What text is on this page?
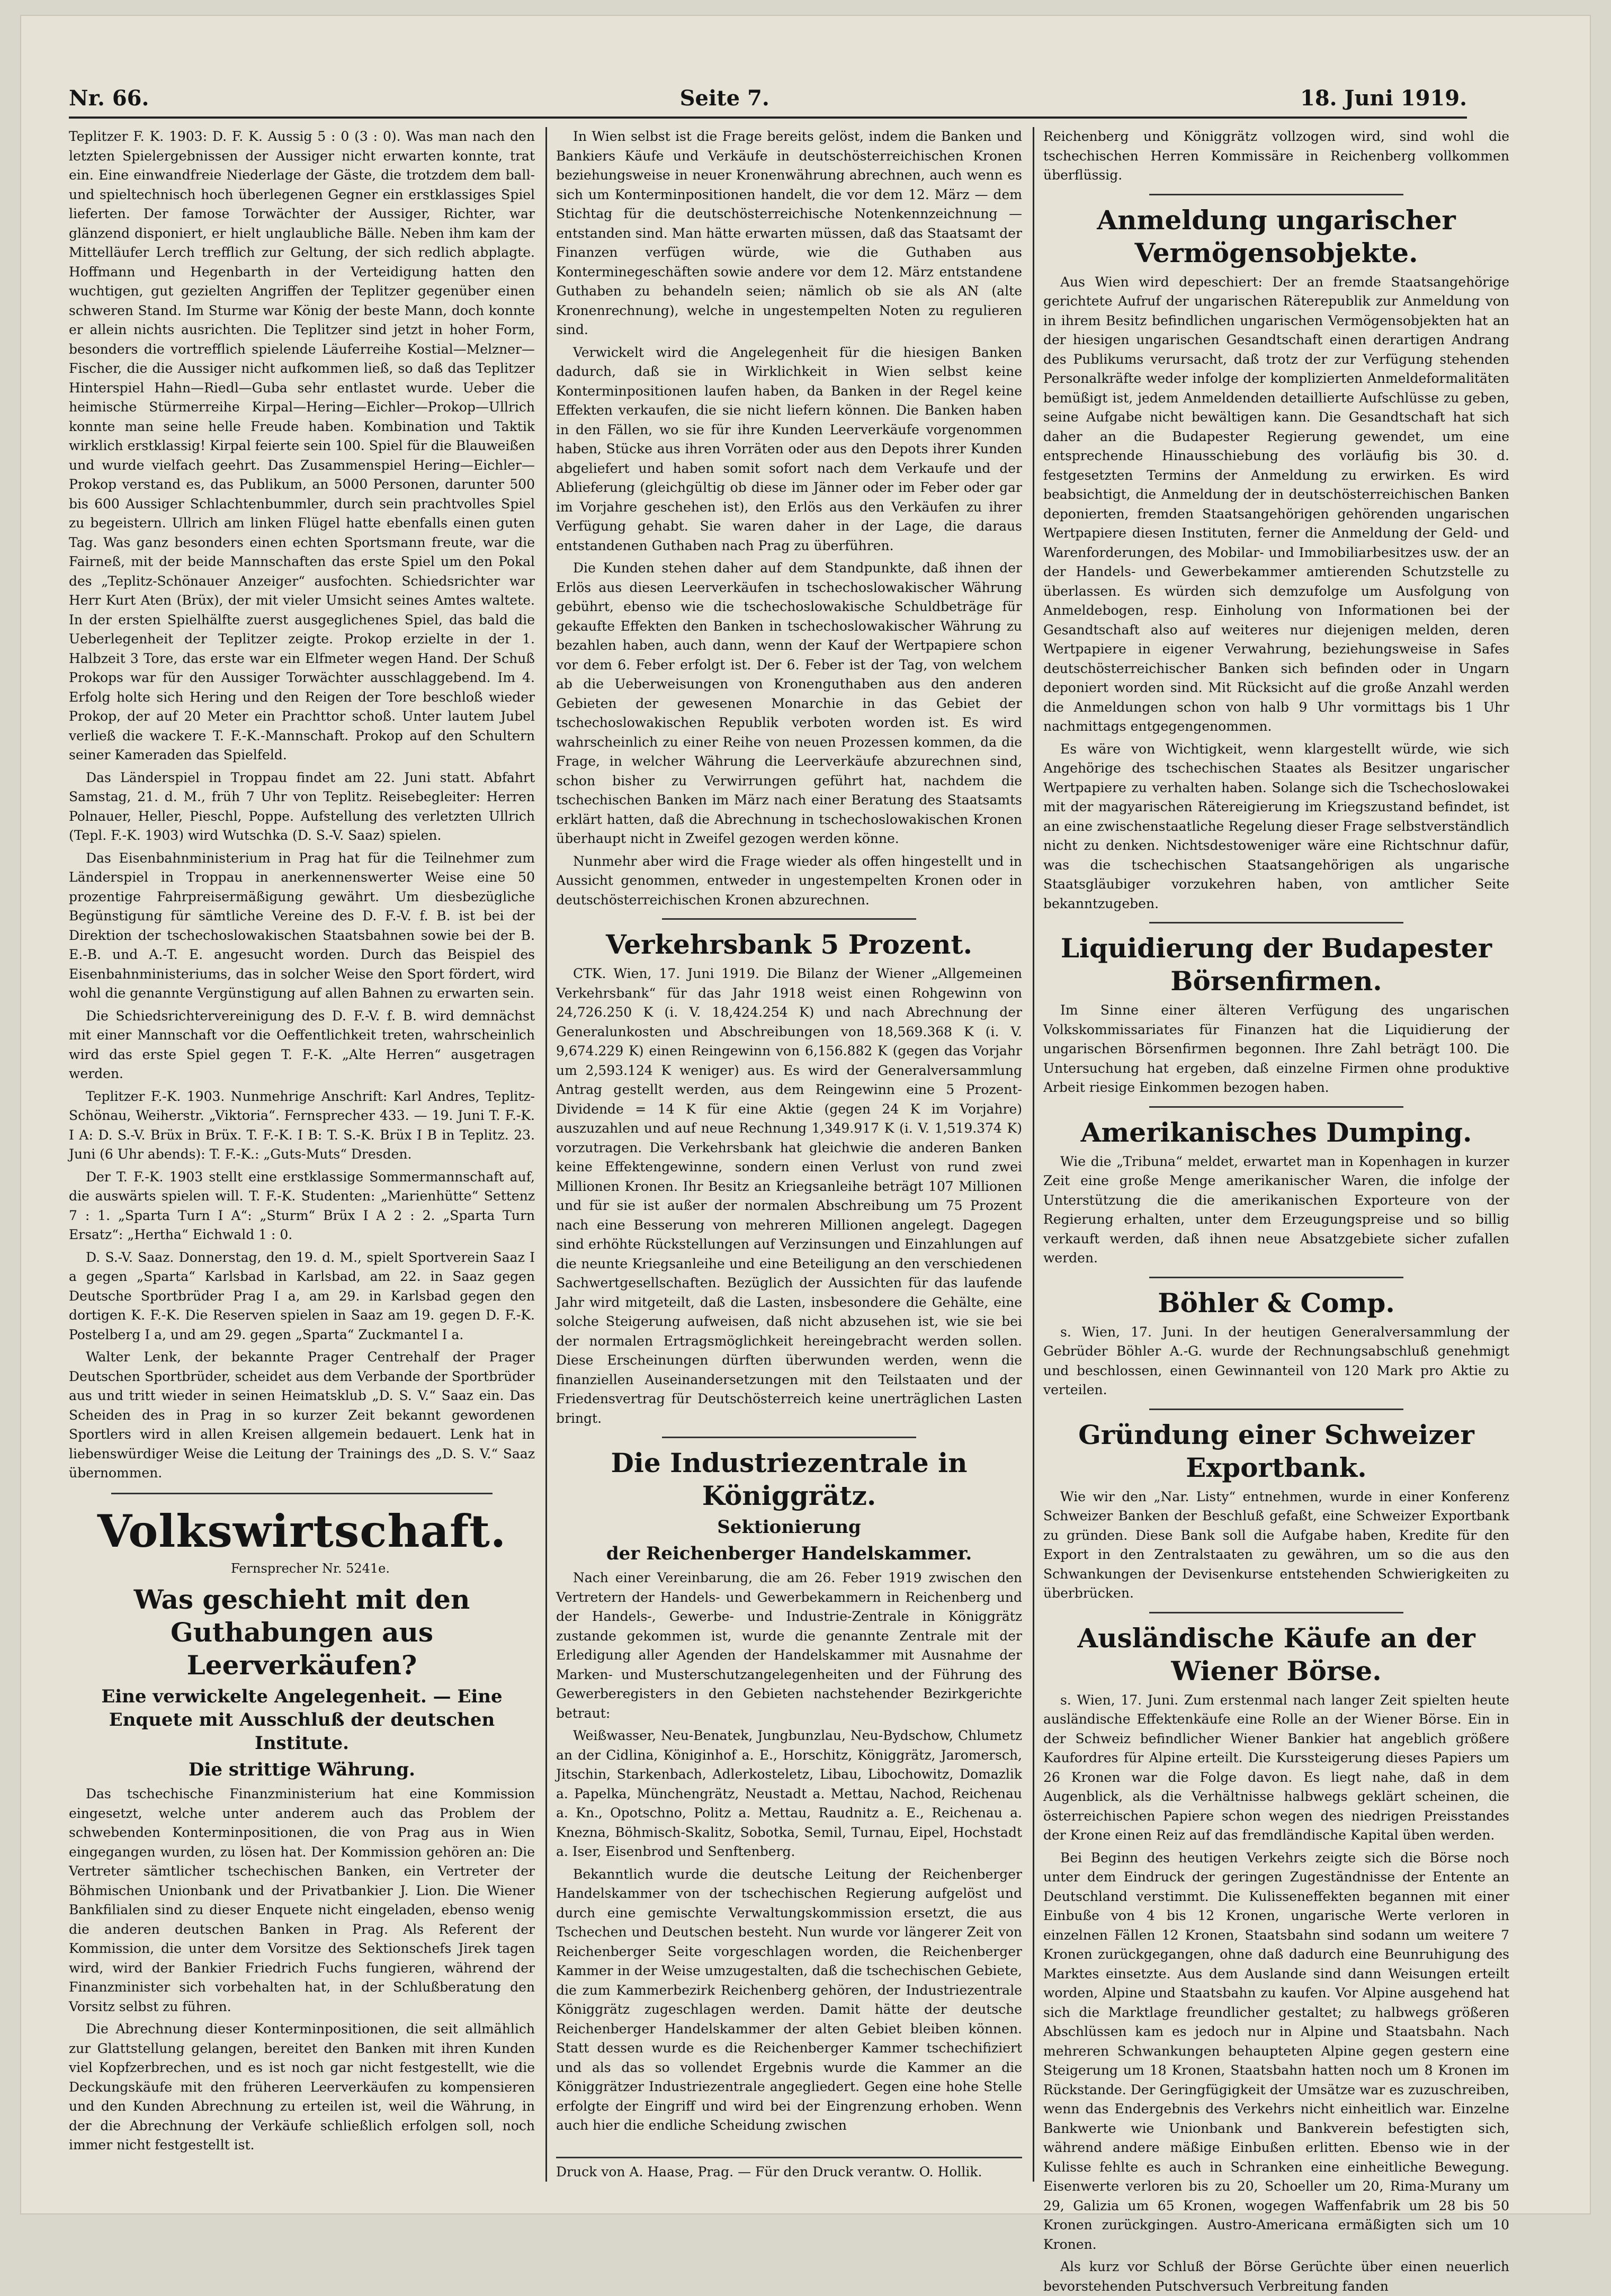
Nr. 66.	Seite 7.	18. Juni 1919.

Teplitzer F. K. 1903: D. F. K. Aussig 5 : 0 (3 : 0). Was man nach den letzten Spielergebnissen der Aussiger nicht erwarten konnte, trat ein. Eine einwandfreie Niederlage der Gäste, die trotzdem dem ball- und spieltechnisch hoch überlegenen Gegner ein erstklassiges Spiel lieferten. Der famose Torwächter der Aussiger, Richter, war glänzend disponiert, er hielt unglaubliche Bälle. Neben ihm kam der Mittelläufer Lerch trefflich zur Geltung, der sich redlich abplagte. Hoffmann und Hegenbarth in der Verteidigung hatten den wuchtigen, gut gezielten Angriffen der Teplitzer gegenüber einen schweren Stand. Im Sturme war König der beste Mann, doch konnte er allein nichts ausrichten. Die Teplitzer sind jetzt in hoher Form, besonders die vortrefflich spielende Läuferreihe Kostial—Melzner—Fischer, die die Aussiger nicht aufkommen ließ, so daß das Teplitzer Hinterspiel Hahn—Riedl—Guba sehr entlastet wurde. Ueber die heimische Stürmerreihe Kirpal—Hering—Eichler—Prokop—Ullrich konnte man seine helle Freude haben. Kombination und Taktik wirklich erstklassig! Kirpal feierte sein 100. Spiel für die Blauweißen und wurde vielfach geehrt. Das Zusammenspiel Hering—Eichler—Prokop verstand es, das Publikum, an 5000 Personen, darunter 500 bis 600 Aussiger Schlachtenbummler, durch sein prachtvolles Spiel zu begeistern. Ullrich am linken Flügel hatte ebenfalls einen guten Tag. Was ganz besonders einen echten Sportsmann freute, war die Fairneß, mit der beide Mannschaften das erste Spiel um den Pokal des „Teplitz-Schönauer Anzeiger“ ausfochten. Schiedsrichter war Herr Kurt Aten (Brüx), der mit vieler Umsicht seines Amtes waltete. In der ersten Spielhälfte zuerst ausgeglichenes Spiel, das bald die Ueberlegenheit der Teplitzer zeigte. Prokop erzielte in der 1. Halbzeit 3 Tore, das erste war ein Elfmeter wegen Hand. Der Schuß Prokops war für den Aussiger Torwächter ausschlaggebend. Im 4. Erfolg holte sich Hering und den Reigen der Tore beschloß wieder Prokop, der auf 20 Meter ein Prachttor schoß. Unter lautem Jubel verließ die wackere T. F.-K.-Mannschaft. Prokop auf den Schultern seiner Kameraden das Spielfeld.

Das Länderspiel in Troppau findet am 22. Juni statt. Abfahrt Samstag, 21. d. M., früh 7 Uhr von Teplitz. Reisebegleiter: Herren Polnauer, Heller, Pieschl, Poppe. Aufstellung des verletzten Ullrich (Tepl. F.-K. 1903) wird Wutschka (D. S.-V. Saaz) spielen.

Das Eisenbahnministerium in Prag hat für die Teilnehmer zum Länderspiel in Troppau in anerkennenswerter Weise eine 50 prozentige Fahrpreisermäßigung gewährt. Um diesbezügliche Begünstigung für sämtliche Vereine des D. F.-V. f. B. ist bei der Direktion der tschechoslowakischen Staatsbahnen sowie bei der B. E.-B. und A.-T. E. angesucht worden. Durch das Beispiel des Eisenbahnministeriums, das in solcher Weise den Sport fördert, wird wohl die genannte Vergünstigung auf allen Bahnen zu erwarten sein.

Die Schiedsrichtervereinigung des D. F.-V. f. B. wird demnächst mit einer Mannschaft vor die Oeffentlichkeit treten, wahrscheinlich wird das erste Spiel gegen T. F.-K. „Alte Herren“ ausgetragen werden.

Teplitzer F.-K. 1903. Nunmehrige Anschrift: Karl Andres, Teplitz-Schönau, Weiherstr. „Viktoria“. Fernsprecher 433. — 19. Juni T. F.-K. I A: D. S.-V. Brüx in Brüx. T. F.-K. I B: T. S.-K. Brüx I B in Teplitz. 23. Juni (6 Uhr abends): T. F.-K.: „Guts-Muts“ Dresden.

Der T. F.-K. 1903 stellt eine erstklassige Sommermannschaft auf, die auswärts spielen will. T. F.-K. Studenten: „Marienhütte“ Settenz 7 : 1. „Sparta Turn I A“: „Sturm“ Brüx I A 2 : 2. „Sparta Turn Ersatz“: „Hertha“ Eichwald 1 : 0.

D. S.-V. Saaz. Donnerstag, den 19. d. M., spielt Sportverein Saaz I a gegen „Sparta“ Karlsbad in Karlsbad, am 22. in Saaz gegen Deutsche Sportbrüder Prag I a, am 29. in Karlsbad gegen den dortigen K. F.-K. Die Reserven spielen in Saaz am 19. gegen D. F.-K. Postelberg I a, und am 29. gegen „Sparta“ Zuckmantel I a.

Walter Lenk, der bekannte Prager Centrehalf der Prager Deutschen Sportbrüder, scheidet aus dem Verbande der Sportbrüder aus und tritt wieder in seinen Heimatsklub „D. S. V.“ Saaz ein. Das Scheiden des in Prag in so kurzer Zeit bekannt gewordenen Sportlers wird in allen Kreisen allgemein bedauert. Lenk hat in liebenswürdiger Weise die Leitung der Trainings des „D. S. V.“ Saaz übernommen.

Volkswirtschaft.

Fernsprecher Nr. 5241e.

Was geschieht mit den Guthabungen aus Leerverkäufen?
Eine verwickelte Angelegenheit. — Eine Enquete mit Ausschluß der deutschen Institute.
Die strittige Währung.

Das tschechische Finanzministerium hat eine Kommission eingesetzt, welche unter anderem auch das Problem der schwebenden Konterminpositionen, die von Prag aus in Wien eingegangen wurden, zu lösen hat. Der Kommission gehören an: Die Vertreter sämtlicher tschechischen Banken, ein Vertreter der Böhmischen Unionbank und der Privatbankier J. Lion. Die Wiener Bankfilialen sind zu dieser Enquete nicht eingeladen, ebenso wenig die anderen deutschen Banken in Prag. Als Referent der Kommission, die unter dem Vorsitze des Sektionschefs Jirek tagen wird, wird der Bankier Friedrich Fuchs fungieren, während der Finanzminister sich vorbehalten hat, in der Schlußberatung den Vorsitz selbst zu führen.

Die Abrechnung dieser Konterminpositionen, die seit allmählich zur Glattstellung gelangen, bereitet den Banken mit ihren Kunden viel Kopfzerbrechen, und es ist noch gar nicht festgestellt, wie die Deckungskäufe mit den früheren Leerverkäufen zu kompensieren und den Kunden Abrechnung zu erteilen ist, weil die Währung, in der die Abrechnung der Verkäufe schließlich erfolgen soll, noch immer nicht festgestellt ist.

In Wien selbst ist die Frage bereits gelöst, indem die Banken und Bankiers Käufe und Verkäufe in deutschösterreichischen Kronen beziehungsweise in neuer Kronenwährung abrechnen, auch wenn es sich um Konterminpositionen handelt, die vor dem 12. März — dem Stichtag für die deutschösterreichische Notenkennzeichnung — entstanden sind. Man hätte erwarten müssen, daß das Staatsamt der Finanzen verfügen würde, wie die Guthaben aus Konterminegeschäften sowie andere vor dem 12. März entstandene Guthaben zu behandeln seien; nämlich ob sie als AN (alte Kronenrechnung), welche in ungestempelten Noten zu regulieren sind.

Verwickelt wird die Angelegenheit für die hiesigen Banken dadurch, daß sie in Wirklichkeit in Wien selbst keine Konterminpositionen laufen haben, da Banken in der Regel keine Effekten verkaufen, die sie nicht liefern können. Die Banken haben in den Fällen, wo sie für ihre Kunden Leerverkäufe vorgenommen haben, Stücke aus ihren Vorräten oder aus den Depots ihrer Kunden abgeliefert und haben somit sofort nach dem Verkaufe und der Ablieferung (gleichgültig ob diese im Jänner oder im Feber oder gar im Vorjahre geschehen ist), den Erlös aus den Verkäufen zu ihrer Verfügung gehabt. Sie waren daher in der Lage, die daraus entstandenen Guthaben nach Prag zu überführen.

Die Kunden stehen daher auf dem Standpunkte, daß ihnen der Erlös aus diesen Leerverkäufen in tschechoslowakischer Währung gebührt, ebenso wie die tschechoslowakische Schuldbeträge für gekaufte Effekten den Banken in tschechoslowakischer Währung zu bezahlen haben, auch dann, wenn der Kauf der Wertpapiere schon vor dem 6. Feber erfolgt ist. Der 6. Feber ist der Tag, von welchem ab die Ueberweisungen von Kronenguthaben aus den anderen Gebieten der gewesenen Monarchie in das Gebiet der tschechoslowakischen Republik verboten worden ist. Es wird wahrscheinlich zu einer Reihe von neuen Prozessen kommen, da die Frage, in welcher Währung die Leerverkäufe abzurechnen sind, schon bisher zu Verwirrungen geführt hat, nachdem die tschechischen Banken im März nach einer Beratung des Staatsamts erklärt hatten, daß die Abrechnung in tschechoslowakischen Kronen überhaupt nicht in Zweifel gezogen werden könne.

Nunmehr aber wird die Frage wieder als offen hingestellt und in Aussicht genommen, entweder in ungestempelten Kronen oder in deutschösterreichischen Kronen abzurechnen.

Verkehrsbank 5 Prozent.

CTK. Wien, 17. Juni 1919. Die Bilanz der Wiener „Allgemeinen Verkehrsbank“ für das Jahr 1918 weist einen Rohgewinn von 24,726.250 K (i. V. 18,424.254 K) und nach Abrechnung der Generalunkosten und Abschreibungen von 18,569.368 K (i. V. 9,674.229 K) einen Reingewinn von 6,156.882 K (gegen das Vorjahr um 2,593.124 K weniger) aus. Es wird der Generalversammlung Antrag gestellt werden, aus dem Reingewinn eine 5 Prozent-Dividende = 14 K für eine Aktie (gegen 24 K im Vorjahre) auszuzahlen und auf neue Rechnung 1,349.917 K (i. V. 1,519.374 K) vorzutragen. Die Verkehrsbank hat gleichwie die anderen Banken keine Effektengewinne, sondern einen Verlust von rund zwei Millionen Kronen. Ihr Besitz an Kriegsanleihe beträgt 107 Millionen und für sie ist außer der normalen Abschreibung um 75 Prozent nach eine Besserung von mehreren Millionen angelegt. Dagegen sind erhöhte Rückstellungen auf Verzinsungen und Einzahlungen auf die neunte Kriegsanleihe und eine Beteiligung an den verschiedenen Sachwertgesellschaften. Bezüglich der Aussichten für das laufende Jahr wird mitgeteilt, daß die Lasten, insbesondere die Gehälte, eine solche Steigerung aufweisen, daß nicht abzusehen ist, wie sie bei der normalen Ertragsmöglichkeit hereingebracht werden sollen. Diese Erscheinungen dürften überwunden werden, wenn die finanziellen Auseinandersetzungen mit den Teilstaaten und der Friedensvertrag für Deutschösterreich keine unerträglichen Lasten bringt.

Die Industriezentrale in Königgrätz.
Sektionierung
der Reichenberger Handelskammer.

Nach einer Vereinbarung, die am 26. Feber 1919 zwischen den Vertretern der Handels- und Gewerbekammern in Reichenberg und der Handels-, Gewerbe- und Industrie-Zentrale in Königgrätz zustande gekommen ist, wurde die genannte Zentrale mit der Erledigung aller Agenden der Handelskammer mit Ausnahme der Marken- und Musterschutzangelegenheiten und der Führung des Gewerberegisters in den Gebieten nachstehender Bezirkgerichte betraut:

Weißwasser, Neu-Benatek, Jungbunzlau, Neu-Bydschow, Chlumetz an der Cidlina, Königinhof a. E., Horschitz, Königgrätz, Jaromersch, Jitschin, Starkenbach, Adlerkosteletz, Libau, Libochowitz, Domazlik a. Papelka, Münchengrätz, Neustadt a. Mettau, Nachod, Reichenau a. Kn., Opotschno, Politz a. Mettau, Raudnitz a. E., Reichenau a. Knezna, Böhmisch-Skalitz, Sobotka, Semil, Turnau, Eipel, Hochstadt a. Iser, Eisenbrod und Senftenberg.

Bekanntlich wurde die deutsche Leitung der Reichenberger Handelskammer von der tschechischen Regierung aufgelöst und durch eine gemischte Verwaltungskommission ersetzt, die aus Tschechen und Deutschen besteht. Nun wurde vor längerer Zeit von Reichenberger Seite vorgeschlagen worden, die Reichenberger Kammer in der Weise umzugestalten, daß die tschechischen Gebiete, die zum Kammerbezirk Reichenberg gehören, der Industriezentrale Königgrätz zugeschlagen werden. Damit hätte der deutsche Reichenberger Handelskammer der alten Gebiet bleiben können. Statt dessen wurde es die Reichenberger Kammer tschechifiziert und als das so vollendet Ergebnis wurde die Kammer an die Königgrätzer Industriezentrale angegliedert. Gegen eine hohe Stelle erfolgte der Eingriff und wird bei der Eingrenzung erhoben. Wenn auch hier die endliche Scheidung zwischen

Druck von A. Haase, Prag. — Für den Druck verantw. O. Hollik.

Reichenberg und Königgrätz vollzogen wird, sind wohl die tschechischen Herren Kommissäre in Reichenberg vollkommen überflüssig.

Anmeldung ungarischer Vermögensobjekte.

Aus Wien wird depeschiert: Der an fremde Staatsangehörige gerichtete Aufruf der ungarischen Räterepublik zur Anmeldung von in ihrem Besitz befindlichen ungarischen Vermögensobjekten hat an der hiesigen ungarischen Gesandtschaft einen derartigen Andrang des Publikums verursacht, daß trotz der zur Verfügung stehenden Personalkräfte weder infolge der komplizierten Anmeldeformalitäten bemüßigt ist, jedem Anmeldenden detaillierte Aufschlüsse zu geben, seine Aufgabe nicht bewältigen kann. Die Gesandtschaft hat sich daher an die Budapester Regierung gewendet, um eine entsprechende Hinausschiebung des vorläufig bis 30. d. festgesetzten Termins der Anmeldung zu erwirken. Es wird beabsichtigt, die Anmeldung der in deutschösterreichischen Banken deponierten, fremden Staatsangehörigen gehörenden ungarischen Wertpapiere diesen Instituten, ferner die Anmeldung der Geld- und Warenforderungen, des Mobilar- und Immobiliarbesitzes usw. der an der Handels- und Gewerbekammer amtierenden Schutzstelle zu überlassen. Es würden sich demzufolge um Ausfolgung von Anmeldebogen, resp. Einholung von Informationen bei der Gesandtschaft also auf weiteres nur diejenigen melden, deren Wertpapiere in eigener Verwahrung, beziehungsweise in Safes deutschösterreichischer Banken sich befinden oder in Ungarn deponiert worden sind. Mit Rücksicht auf die große Anzahl werden die Anmeldungen schon von halb 9 Uhr vormittags bis 1 Uhr nachmittags entgegengenommen.

Es wäre von Wichtigkeit, wenn klargestellt würde, wie sich Angehörige des tschechischen Staates als Besitzer ungarischer Wertpapiere zu verhalten haben. Solange sich die Tschechoslowakei mit der magyarischen Rätereigierung im Kriegszustand befindet, ist an eine zwischenstaatliche Regelung dieser Frage selbstverständlich nicht zu denken. Nichtsdestoweniger wäre eine Richtschnur dafür, was die tschechischen Staatsangehörigen als ungarische Staatsgläubiger vorzukehren haben, von amtlicher Seite bekanntzugeben.

Liquidierung der Budapester Börsenfirmen.

Im Sinne einer älteren Verfügung des ungarischen Volkskommissariates für Finanzen hat die Liquidierung der ungarischen Börsenfirmen begonnen. Ihre Zahl beträgt 100. Die Untersuchung hat ergeben, daß einzelne Firmen ohne produktive Arbeit riesige Einkommen bezogen haben.

Amerikanisches Dumping.

Wie die „Tribuna“ meldet, erwartet man in Kopenhagen in kurzer Zeit eine große Menge amerikanischer Waren, die infolge der Unterstützung die die amerikanischen Exporteure von der Regierung erhalten, unter dem Erzeugungspreise und so billig verkauft werden, daß ihnen neue Absatzgebiete sicher zufallen werden.

Böhler & Comp.

s. Wien, 17. Juni. In der heutigen Generalversammlung der Gebrüder Böhler A.-G. wurde der Rechnungsabschluß genehmigt und beschlossen, einen Gewinnanteil von 120 Mark pro Aktie zu verteilen.

Gründung einer Schweizer Exportbank.

Wie wir den „Nar. Listy“ entnehmen, wurde in einer Konferenz Schweizer Banken der Beschluß gefaßt, eine Schweizer Exportbank zu gründen. Diese Bank soll die Aufgabe haben, Kredite für den Export in den Zentralstaaten zu gewähren, um so die aus den Schwankungen der Devisenkurse entstehenden Schwierigkeiten zu überbrücken.

Ausländische Käufe an der Wiener Börse.

s. Wien, 17. Juni. Zum erstenmal nach langer Zeit spielten heute ausländische Effektenkäufe eine Rolle an der Wiener Börse. Ein in der Schweiz befindlicher Wiener Bankier hat angeblich größere Kaufordres für Alpine erteilt. Die Kurssteigerung dieses Papiers um 26 Kronen war die Folge davon. Es liegt nahe, daß in dem Augenblick, als die Verhältnisse halbwegs geklärt scheinen, die österreichischen Papiere schon wegen des niedrigen Preisstandes der Krone einen Reiz auf das fremdländische Kapital üben werden.

Bei Beginn des heutigen Verkehrs zeigte sich die Börse noch unter dem Eindruck der geringen Zugeständnisse der Entente an Deutschland verstimmt. Die Kulisseneffekten begannen mit einer Einbuße von 4 bis 12 Kronen, ungarische Werte verloren in einzelnen Fällen 12 Kronen, Staatsbahn sind sodann um weitere 7 Kronen zurückgegangen, ohne daß dadurch eine Beunruhigung des Marktes einsetzte. Aus dem Auslande sind dann Weisungen erteilt worden, Alpine und Staatsbahn zu kaufen. Vor Alpine ausgehend hat sich die Marktlage freundlicher gestaltet; zu halbwegs größeren Abschlüssen kam es jedoch nur in Alpine und Staatsbahn. Nach mehreren Schwankungen behaupteten Alpine gegen gestern eine Steigerung um 18 Kronen, Staatsbahn hatten noch um 8 Kronen im Rückstande. Der Geringfügigkeit der Umsätze war es zuzuschreiben, wenn das Endergebnis des Verkehrs nicht einheitlich war. Einzelne Bankwerte wie Unionbank und Bankverein befestigten sich, während andere mäßige Einbußen erlitten. Ebenso wie in der Kulisse fehlte es auch in Schranken eine einheitliche Bewegung. Eisenwerte verloren bis zu 20, Schoeller um 20, Rima-Murany um 29, Galizia um 65 Kronen, wogegen Waffenfabrik um 28 bis 50 Kronen zurückgingen. Austro-Americana ermäßigten sich um 10 Kronen.

Als kurz vor Schluß der Börse Gerüchte über einen neuerlich bevorstehenden Putschversuch Verbreitung fanden
